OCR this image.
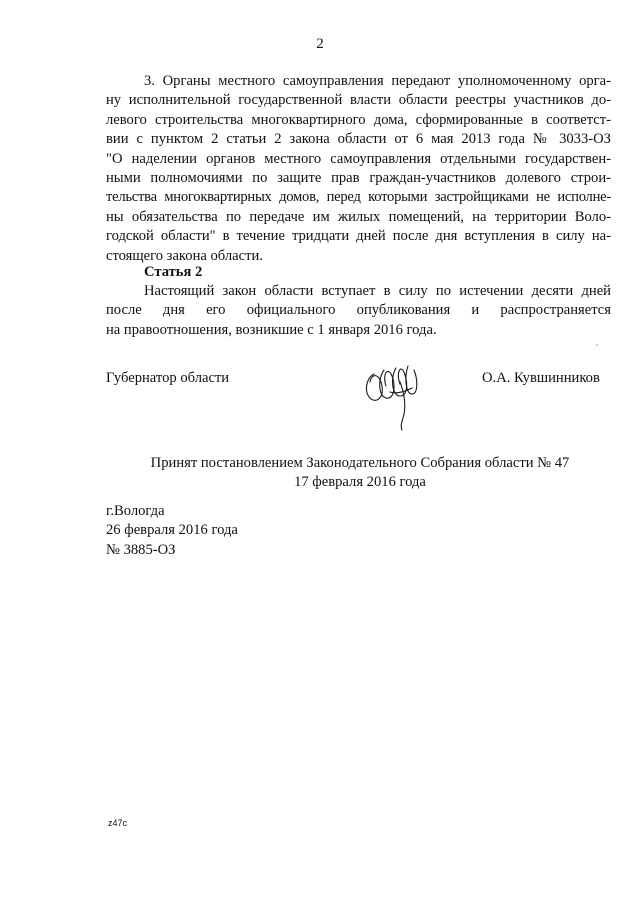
2
3. Органы местного самоуправления передают уполномоченному орга-
ну исполнительной государственной власти области реестры участников до-
левого строительства многоквартирного дома, сформированные в соответст-
вии с пунктом 2 статьи 2 закона области от 6 мая 2013 года № 3033-ОЗ
"О наделении органов местного самоуправления отдельными государствен-
ными полномочиями по защите прав граждан-участников долевого строи-
тельства многоквартирных домов, перед которыми застройщиками не исполне-
ны обязательства по передаче им жилых помещений, на территории Воло-
годской области" в течение тридцати дней после дня вступления в силу на-
стоящего закона области.
Статья 2
Настоящий закон области вступает в силу по истечении десяти дней
после дня его официального опубликования и распространяется
на правоотношения, возникшие с 1 января 2016 года.
Губернатор области	О.А. Кувшинников
Принят постановлением Законодательного Собрания области № 47
17 февраля 2016 года
г.Вологда
26 февраля 2016 года
№ 3885-ОЗ
z47c
